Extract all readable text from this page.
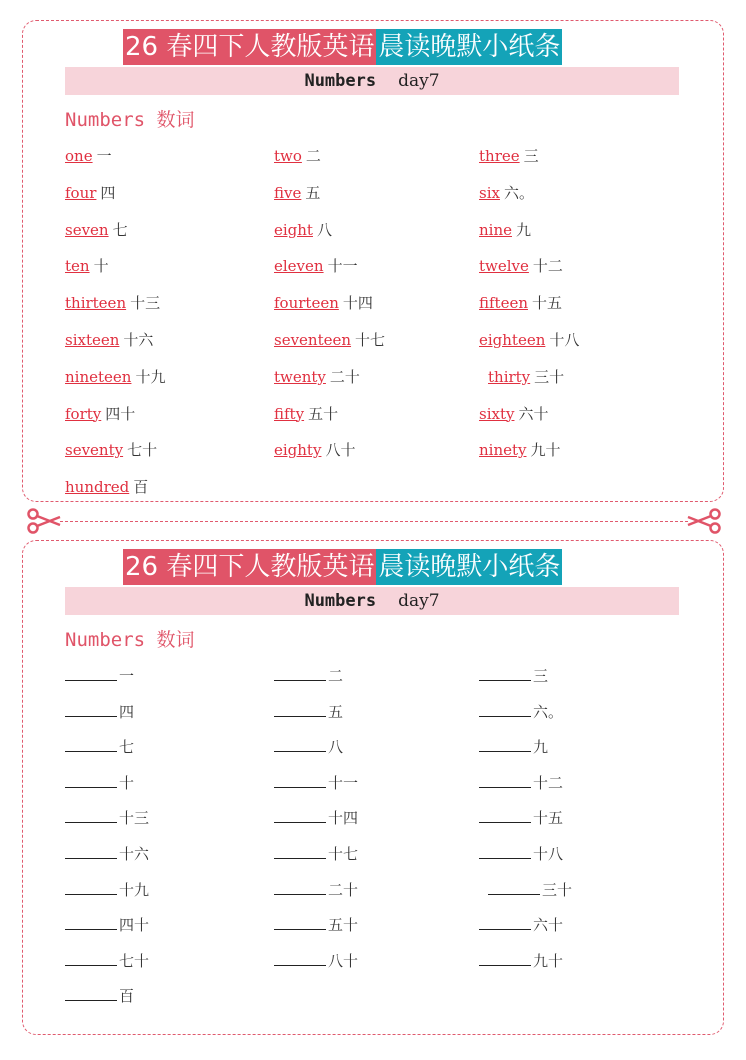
26 春四下人教版英语 晨读晚默小纸条
Numbers day7
Numbers 数词
one 一	two 二	three 三
four 四	five 五	six 六。
seven 七	eight 八	nine 九
ten 十	eleven 十一	twelve 十二
thirteen 十三	fourteen 十四	fifteen 十五
sixteen 十六	seventeen 十七	eighteen 十八
nineteen 十九	twenty 二十	thirty 三十
forty 四十	fifty 五十	sixty 六十
seventy 七十	eighty 八十	ninety 九十
hundred 百
26 春四下人教版英语 晨读晚默小纸条
Numbers day7
Numbers 数词
一	二	三
四	五	六。
七	八	九
十	十一	十二
十三	十四	十五
十六	十七	十八
十九	二十	三十
四十	五十	六十
七十	八十	九十
百
